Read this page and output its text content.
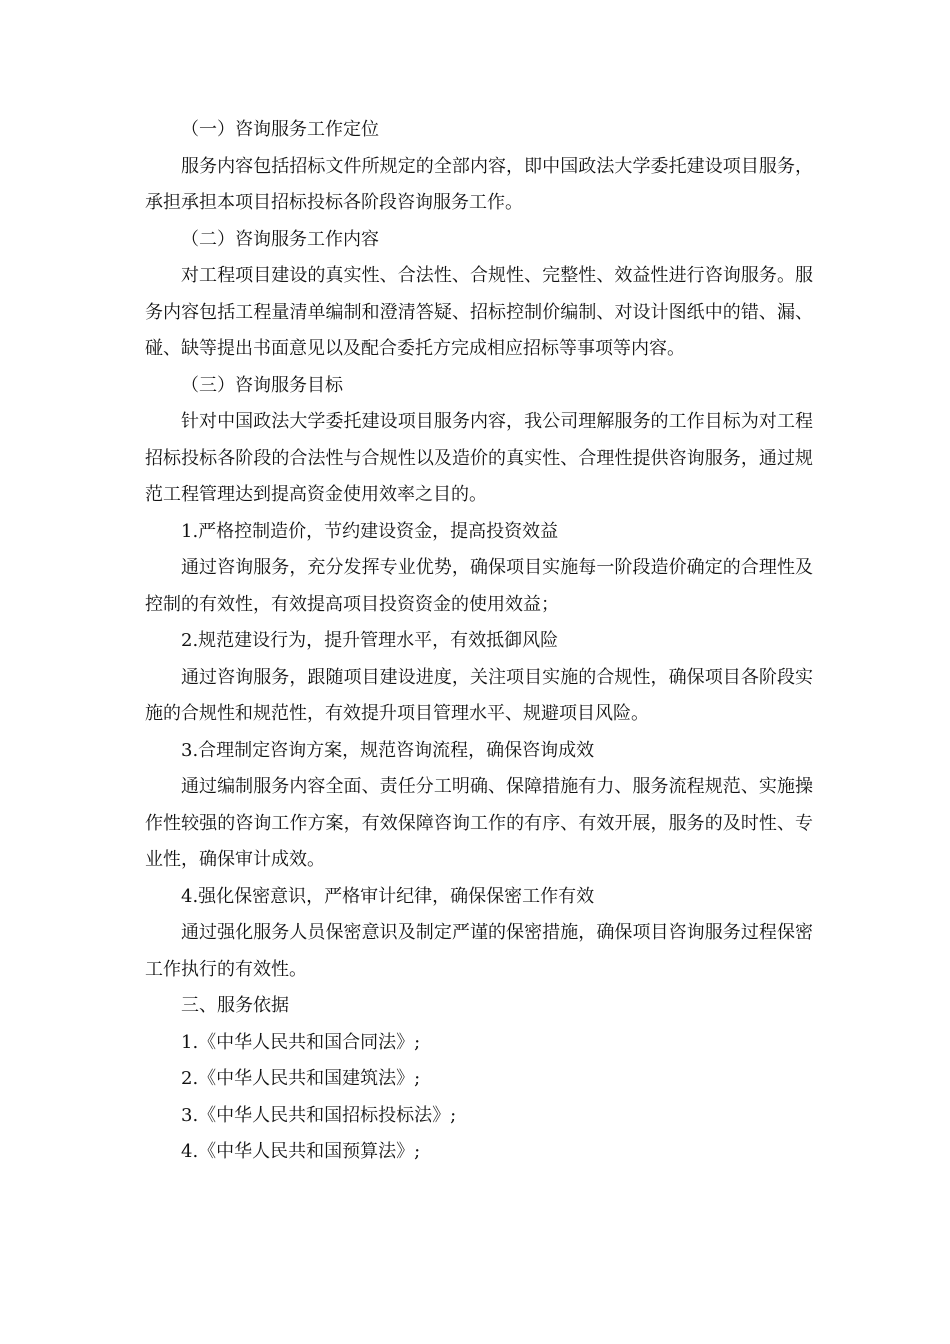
（一）咨询服务工作定位

服务内容包括招标文件所规定的全部内容，即中国政法大学委托建设项目服务，承担承担本项目招标投标各阶段咨询服务工作。

（二）咨询服务工作内容

对工程项目建设的真实性、合法性、合规性、完整性、效益性进行咨询服务。服务内容包括工程量清单编制和澄清答疑、招标控制价编制、对设计图纸中的错、漏、碰、缺等提出书面意见以及配合委托方完成相应招标等事项等内容。

（三）咨询服务目标

针对中国政法大学委托建设项目服务内容，我公司理解服务的工作目标为对工程招标投标各阶段的合法性与合规性以及造价的真实性、合理性提供咨询服务，通过规范工程管理达到提高资金使用效率之目的。

1.严格控制造价，节约建设资金，提高投资效益

通过咨询服务，充分发挥专业优势，确保项目实施每一阶段造价确定的合理性及控制的有效性，有效提高项目投资资金的使用效益；

2.规范建设行为，提升管理水平，有效抵御风险

通过咨询服务，跟随项目建设进度，关注项目实施的合规性，确保项目各阶段实施的合规性和规范性，有效提升项目管理水平、规避项目风险。

3.合理制定咨询方案，规范咨询流程，确保咨询成效

通过编制服务内容全面、责任分工明确、保障措施有力、服务流程规范、实施操作性较强的咨询工作方案，有效保障咨询工作的有序、有效开展，服务的及时性、专业性，确保审计成效。

4.强化保密意识，严格审计纪律，确保保密工作有效

通过强化服务人员保密意识及制定严谨的保密措施，确保项目咨询服务过程保密工作执行的有效性。

三、服务依据

1.《中华人民共和国合同法》;

2.《中华人民共和国建筑法》;

3.《中华人民共和国招标投标法》;

4.《中华人民共和国预算法》;
